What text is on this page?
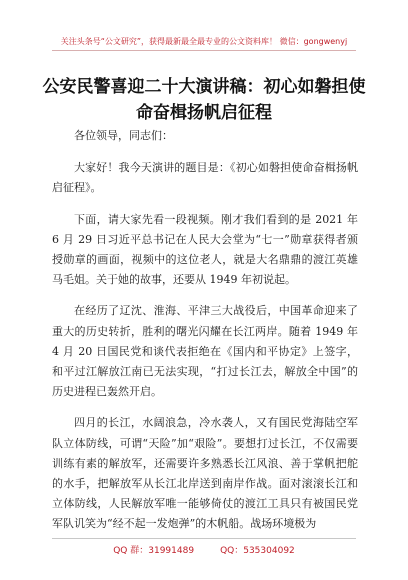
关注头条号“公文研究”，获得最新最全最专业的公文资料库！ 微信：gongwenyj
公安民警喜迎二十大演讲稿：初心如磐担使命奋楫扬帆启征程

各位领导，同志们：

大家好！我今天演讲的题目是：《初心如磐担使命奋楫扬帆启征程》。

下面，请大家先看一段视频。刚才我们看到的是 2021 年 6 月 29 日习近平总书记在人民大会堂为“七一”勋章获得者颁授勋章的画面，视频中的这位老人，就是大名鼎鼎的渡江英雄马毛姐。关于她的故事，还要从 1949 年初说起。

在经历了辽沈、淮海、平津三大战役后，中国革命迎来了重大的历史转折，胜利的曙光闪耀在长江两岸。随着 1949 年 4 月 20 日国民党和谈代表拒绝在《国内和平协定》上签字，和平过江解放江南已无法实现，“打过长江去，解放全中国”的历史进程已轰然开启。

四月的长江，水阔浪急，冷水袭人，又有国民党海陆空军队立体防线，可谓“天险”加“艰险”。要想打过长江，不仅需要训练有素的解放军，还需要许多熟悉长江风浪、善于掌帆把舵的水手，把解放军从长江北岸送到南岸作战。面对滚滚长江和立体防线，人民解放军唯一能够倚仗的渡江工具只有被国民党军队讥笑为“经不起一发炮弹”的木帆船。战场环境极为

QQ 群：31991489	QQ：535304092
